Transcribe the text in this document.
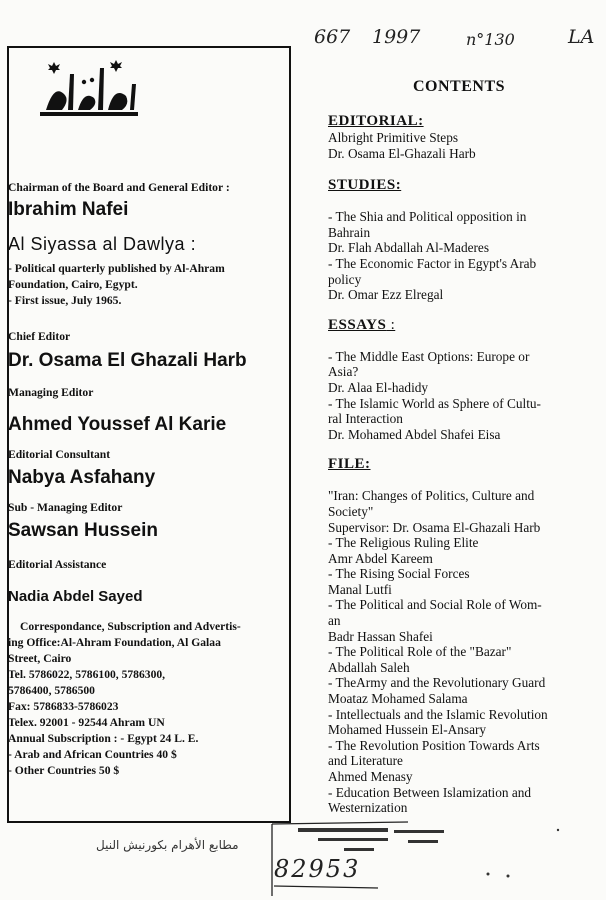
667 1997	n°130	LA

Chairman of the Board and General Editor :

Ibrahim Nafei

Al Siyassa al Dawlya :

- Political quarterly published by Al-Ahram

Foundation, Cairo, Egypt.

- First issue, July 1965.

Chief Editor

Dr. Osama El Ghazali Harb

Managing Editor

Ahmed Youssef Al Karie

Editorial Consultant

Nabya Asfahany

Sub - Managing Editor

Sawsan Hussein

Editorial Assistance

Nadia Abdel Sayed

Correspondance, Subscription and Advertis-

ing Office:Al-Ahram Foundation, Al Galaa

Street, Cairo

Tel. 5786022, 5786100, 5786300,

5786400, 5786500

Fax: 5786833-5786023

Telex. 92001 - 92544 Ahram UN

Annual Subscription : - Egypt 24 L. E.

- Arab and African Countries 40 $

- Other Countries 50 $

مطابع الأهرام بكورنيش النيل

CONTENTS

EDITORIAL:

Albright Primitive Steps

Dr. Osama El-Ghazali Harb

STUDIES:

- The Shia and Political opposition in

Bahrain

Dr. Flah Abdallah Al-Maderes

- The Economic Factor in Egypt's Arab

policy

Dr. Omar Ezz Elregal

ESSAYS :

- The Middle East Options: Europe or

Asia?

Dr. Alaa El-hadidy

- The Islamic World as Sphere of Cultu-

ral Interaction

Dr. Mohamed Abdel Shafei Eisa

FILE:

"Iran: Changes of Politics, Culture and

Society"

Supervisor: Dr. Osama El-Ghazali Harb

- The Religious Ruling Elite

Amr Abdel Kareem

- The Rising Social Forces

Manal Lutfi

- The Political and Social Role of Wom-

an

Badr Hassan Shafei

- The Political Role of the "Bazar"

Abdallah Saleh

- TheArmy and the Revolutionary Guard

Moataz Mohamed Salama

- Intellectuals and the Islamic Revolution

Mohamed Hussein El-Ansary

- The Revolution Position Towards Arts

and Literature

Ahmed Menasy

- Education Between Islamization and

Westernization

82953
